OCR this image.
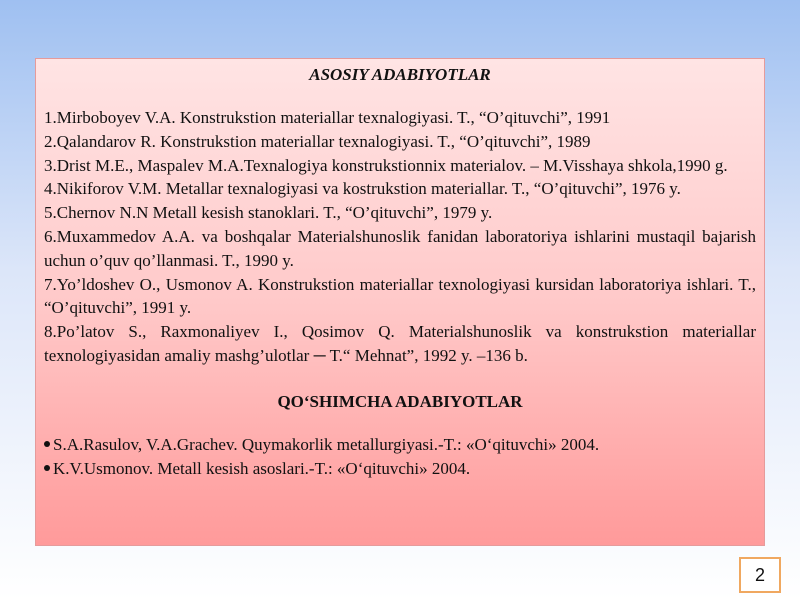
ASOSIY ADABIYOTLAR

1.Mirboboyev V.A. Konstrukstion materiallar texnalogiyasi. T., “O’qituvchi”, 1991

2.Qalandarov R. Konstrukstion materiallar texnalogiyasi. T., “O’qituvchi”, 1989

3.Drist M.E., Maspalev M.A.Texnalogiya konstrukstionnix materialov. – M.Visshaya shkola,1990 g.

4.Nikiforov V.M. Metallar texnalogiyasi va kostrukstion materiallar. T., “O’qituvchi”, 1976 y.

5.Chernov N.N Metall kesish stanoklari. T., “O’qituvchi”, 1979 y.

6.Muxammedov A.A. va boshqalar Materialshunoslik fanidan laboratoriya ishlarini mustaqil bajarish uchun o’quv qo’llanmasi. T., 1990 y.

7.Yo’ldoshev O., Usmonov A. Konstrukstion materiallar texnologiyasi kursidan laboratoriya ishlari. T., “O’qituvchi”, 1991 y.

8.Po’latov S., Raxmonaliyev I., Qosimov Q. Materialshunoslik va konstrukstion materiallar texnologiyasidan amaliy mashg’ulotlar ─ T.“ Mehnat”, 1992 y. –136 b.

QO‘SHIMCHA ADABIYOTLAR

S.A.Rasulov, V.A.Grachev. Quymakorlik metallurgiyasi.-T.: «O‘qituvchi» 2004.

K.V.Usmonov. Metall kesish asoslari.-T.: «O‘qituvchi» 2004.

2
